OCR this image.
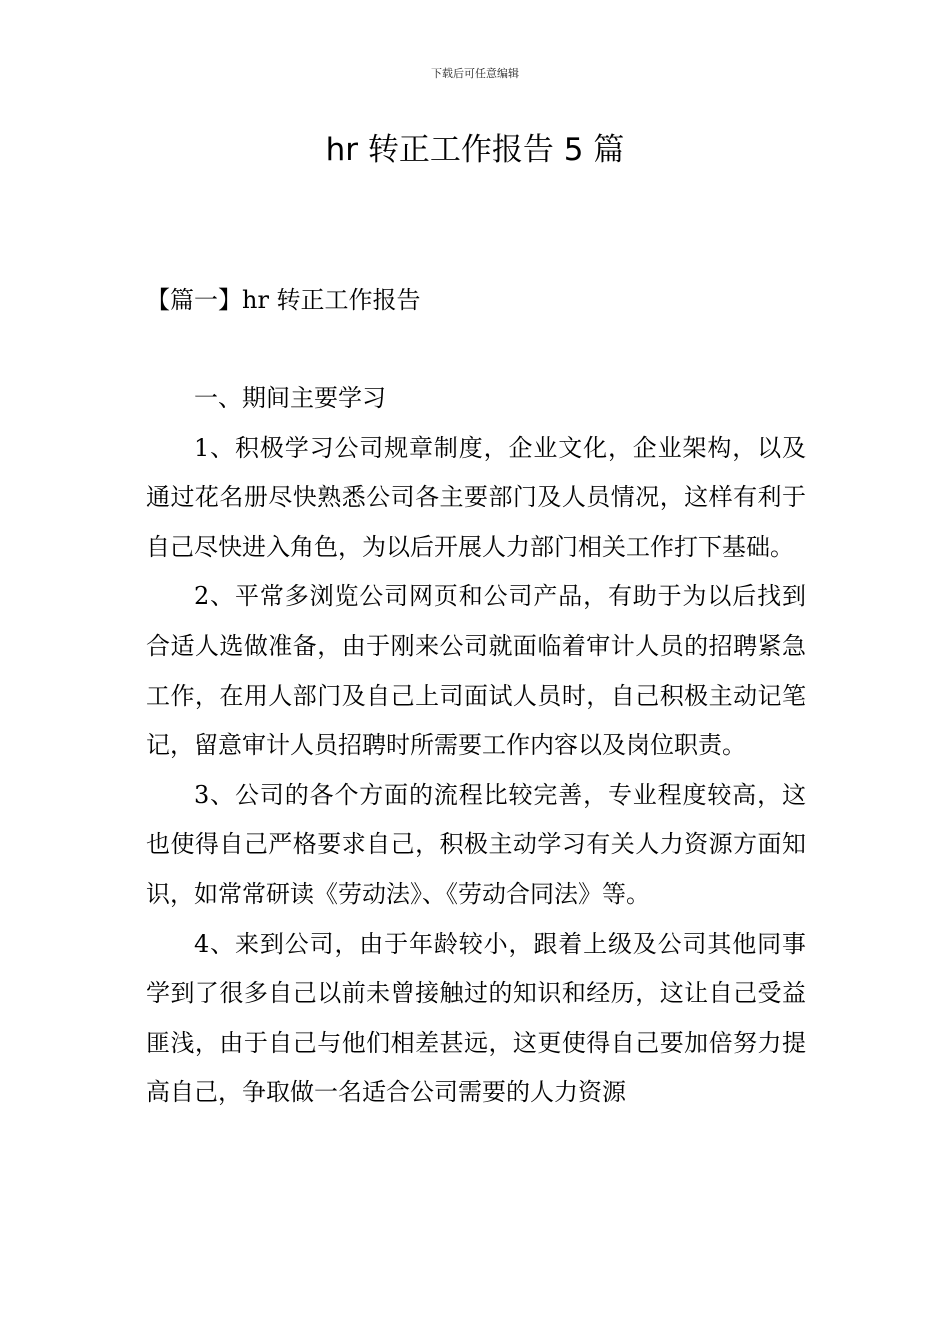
下载后可任意编辑
hr 转正工作报告 5 篇
【篇一】hr 转正工作报告

一、期间主要学习

1、积极学习公司规章制度，企业文化，企业架构，以及通过花名册尽快熟悉公司各主要部门及人员情况，这样有利于自己尽快进入角色，为以后开展人力部门相关工作打下基础。

2、平常多浏览公司网页和公司产品，有助于为以后找到合适人选做准备，由于刚来公司就面临着审计人员的招聘紧急工作，在用人部门及自己上司面试人员时，自己积极主动记笔记，留意审计人员招聘时所需要工作内容以及岗位职责。

3、公司的各个方面的流程比较完善，专业程度较高，这也使得自己严格要求自己，积极主动学习有关人力资源方面知识，如常常研读《劳动法》、《劳动合同法》等。

4、来到公司，由于年龄较小，跟着上级及公司其他同事学到了很多自己以前未曾接触过的知识和经历，这让自己受益匪浅，由于自己与他们相差甚远，这更使得自己要加倍努力提高自己，争取做一名适合公司需要的人力资源
